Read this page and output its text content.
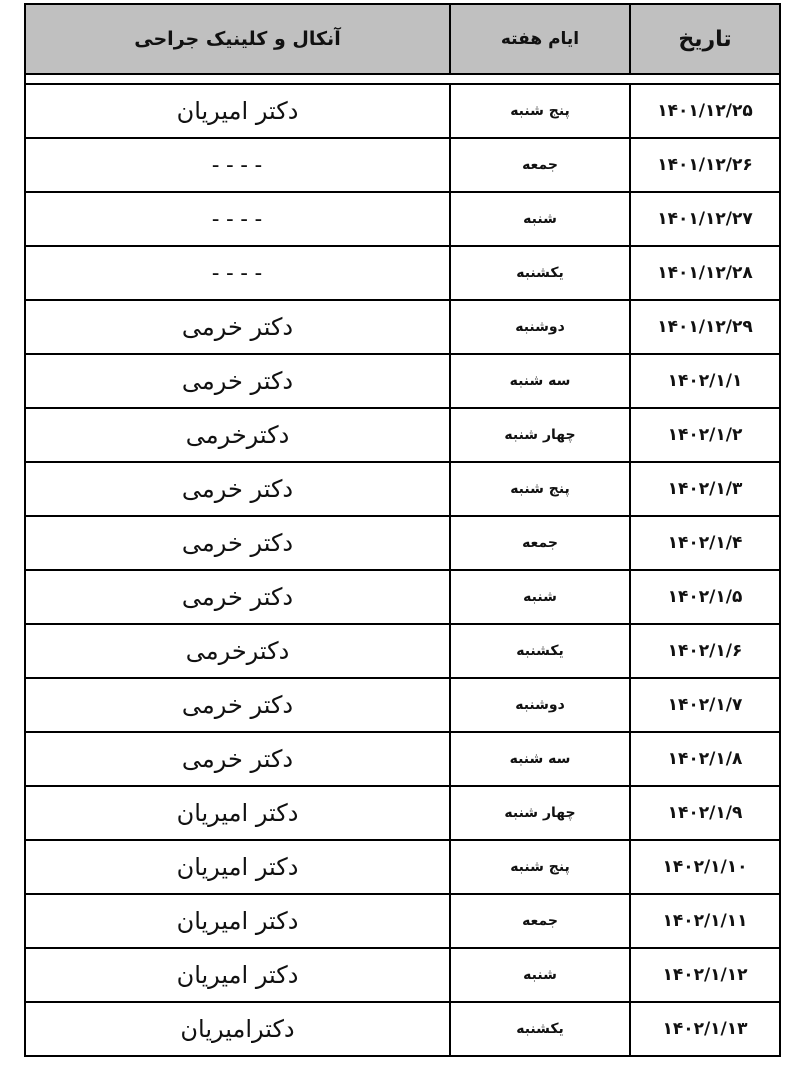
تاریخ	ایام هفته	آنکال و کلینیک جراحی

۱۴۰۱/۱۲/۲۵	پنج شنبه	دکتر امیریان
۱۴۰۱/۱۲/۲۶	جمعه	----
۱۴۰۱/۱۲/۲۷	شنبه	----
۱۴۰۱/۱۲/۲۸	یکشنبه	----
۱۴۰۱/۱۲/۲۹	دوشنبه	دکتر خرمی
۱۴۰۲/۱/۱	سه شنبه	دکتر خرمی
۱۴۰۲/۱/۲	چهار شنبه	دکترخرمی
۱۴۰۲/۱/۳	پنج شنبه	دکتر خرمی
۱۴۰۲/۱/۴	جمعه	دکتر خرمی
۱۴۰۲/۱/۵	شنبه	دکتر خرمی
۱۴۰۲/۱/۶	یکشنبه	دکترخرمی
۱۴۰۲/۱/۷	دوشنبه	دکتر خرمی
۱۴۰۲/۱/۸	سه شنبه	دکتر خرمی
۱۴۰۲/۱/۹	چهار شنبه	دکتر امیریان
۱۴۰۲/۱/۱۰	پنج شنبه	دکتر امیریان
۱۴۰۲/۱/۱۱	جمعه	دکتر امیریان
۱۴۰۲/۱/۱۲	شنبه	دکتر امیریان
۱۴۰۲/۱/۱۳	یکشنبه	دکترامیریان
